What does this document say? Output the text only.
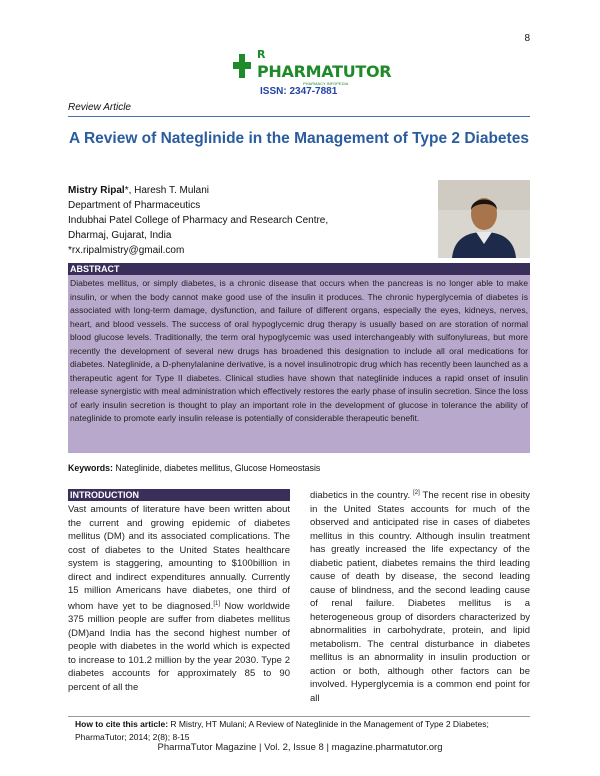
8
R
PHARMATUTOR
PHARMACY INFOPEDIA
ISSN: 2347-7881
Review Article
A Review of Nateglinide in the Management of Type 2 Diabetes
Mistry Ripal*, Haresh T. Mulani
Department of Pharmaceutics
Indubhai Patel College of Pharmacy and Research Centre,
Dharmaj, Gujarat, India
*rx.ripalmistry@gmail.com
ABSTRACT
Diabetes mellitus, or simply diabetes, is a chronic disease that occurs when the pancreas is no longer able to make insulin, or when the body cannot make good use of the insulin it produces. The chronic hyperglycemia of diabetes is associated with long-term damage, dysfunction, and failure of different organs, especially the eyes, kidneys, nerves, heart, and blood vessels. The success of oral hypoglycemic drug therapy is usually based on are storation of normal blood glucose levels. Traditionally, the term oral hypoglycemic was used interchangeably with sulfonylureas, but more recently the development of several new drugs has broadened this designation to include all oral medications for diabetes. Nateglinide, a D-phenylalanine derivative, is a novel insulinotropic drug which has recently been launched as a therapeutic agent for Type II diabetes. Clinical studies have shown that nateglinide induces a rapid onset of insulin release synergistic with meal administration which effectively restores the early phase of insulin secretion. Since the loss of early insulin secretion is thought to play an important role in the development of glucose in tolerance the ability of nateglinide to promote early insulin release is potentially of considerable therapeutic benefit.
Keywords: Nateglinide, diabetes mellitus, Glucose Homeostasis
INTRODUCTION
Vast amounts of literature have been written about the current and growing epidemic of diabetes mellitus (DM) and its associated complications. The cost of diabetes to the United States healthcare system is staggering, amounting to $100billion in direct and indirect expenditures annually. Currently 15 million Americans have diabetes, one third of whom have yet to be diagnosed.[1] Now worldwide 375 million people are suffer from diabetes mellitus (DM)and India has the second highest number of people with diabetes in the world which is expected to increase to 101.2 million by the year 2030. Type 2 diabetes accounts for approximately 85 to 90 percent of all the
diabetics in the country. [2] The recent rise in obesity in the United States accounts for much of the observed and anticipated rise in cases of diabetes mellitus in this country. Although insulin treatment has greatly increased the life expectancy of the diabetic patient, diabetes remains the third leading cause of death by disease, the second leading cause of blindness, and the second leading cause of renal failure. Diabetes mellitus is a heterogeneous group of disorders characterized by abnormalities in carbohydrate, protein, and lipid metabolism. The central disturbance in diabetes mellitus is an abnormality in insulin production or action or both, although other factors can be involved. Hyperglycemia is a common end point for all
How to cite this article: R Mistry, HT Mulani; A Review of Nateglinide in the Management of Type 2 Diabetes; PharmaTutor; 2014; 2(8); 8-15
PharmaTutor Magazine | Vol. 2, Issue 8 | magazine.pharmatutor.org
